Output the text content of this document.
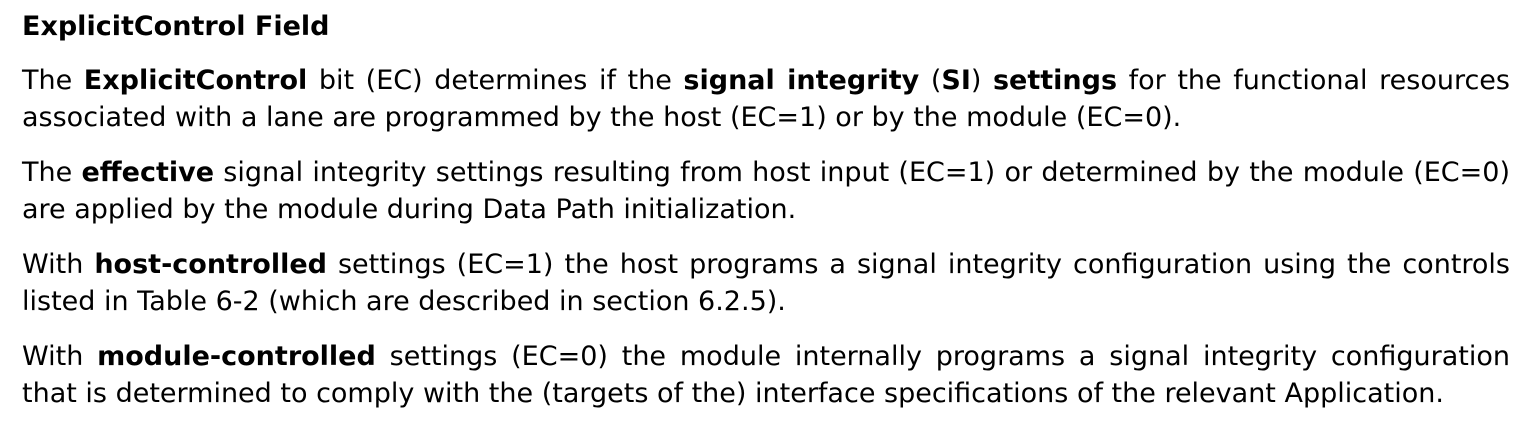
ExplicitControl Field

The ExplicitControl bit (EC) determines if the signal integrity (SI) settings for the functional resources associated with a lane are programmed by the host (EC=1) or by the module (EC=0).

The effective signal integrity settings resulting from host input (EC=1) or determined by the module (EC=0) are applied by the module during Data Path initialization.

With host-controlled settings (EC=1) the host programs a signal integrity configuration using the controls listed in Table 6-2 (which are described in section 6.2.5).

With module-controlled settings (EC=0) the module internally programs a signal integrity configuration that is determined to comply with the (targets of the) interface specifications of the relevant Application.
